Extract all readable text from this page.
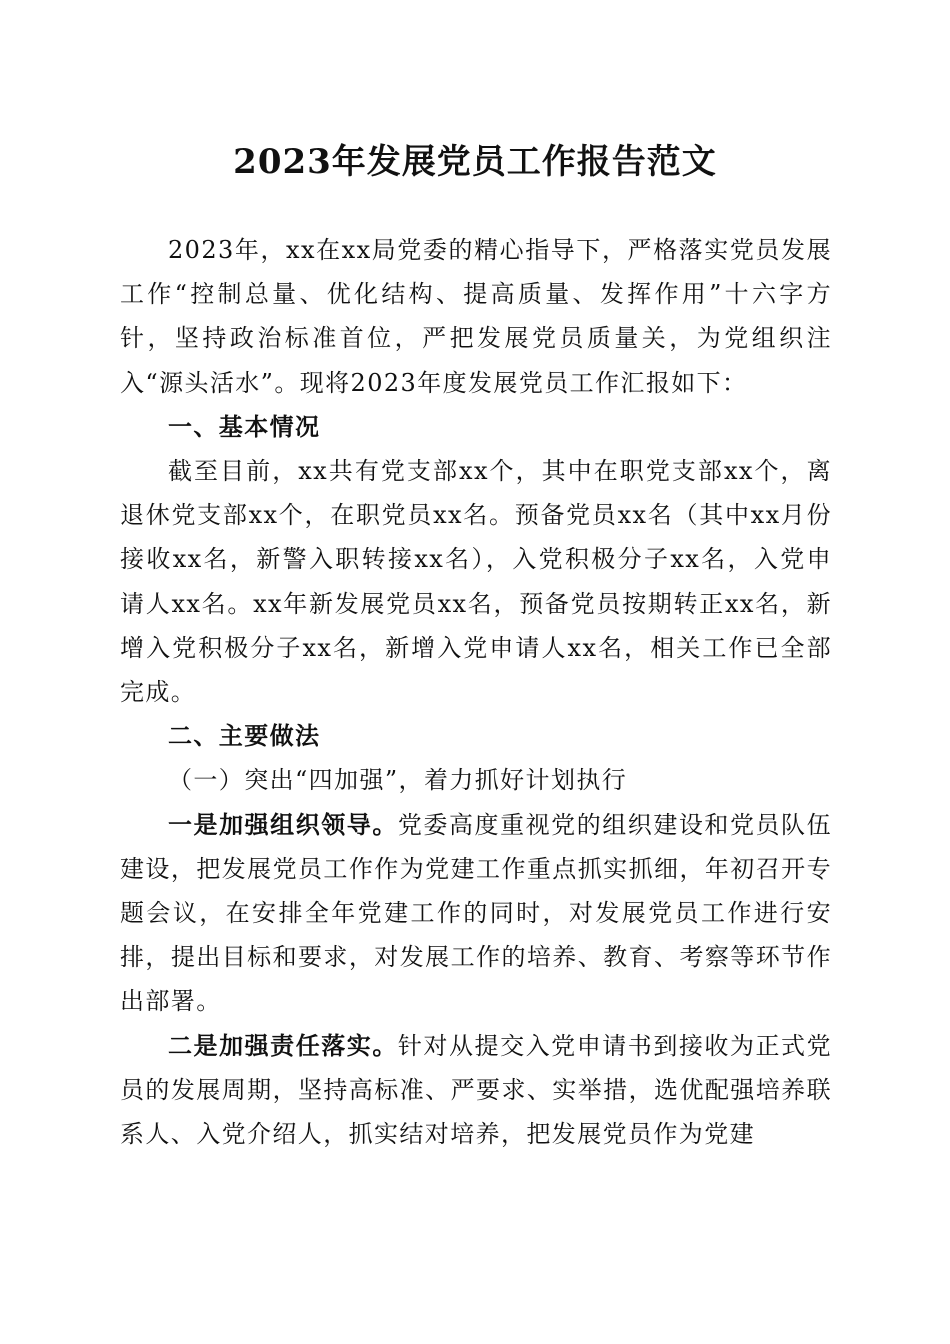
2023年发展党员工作报告范文

2023年，xx在xx局党委的精心指导下，严格落实党员发展工作“控制总量、优化结构、提高质量、发挥作用”十六字方针，坚持政治标准首位，严把发展党员质量关，为党组织注入“源头活水”。现将2023年度发展党员工作汇报如下：

一、基本情况

截至目前，xx共有党支部xx个，其中在职党支部xx个，离退休党支部xx个，在职党员xx名。预备党员xx名（其中xx月份接收xx名，新警入职转接xx名），入党积极分子xx名，入党申请人xx名。xx年新发展党员xx名，预备党员按期转正xx名，新增入党积极分子xx名，新增入党申请人xx名，相关工作已全部完成。

二、主要做法

（一）突出“四加强”，着力抓好计划执行

一是加强组织领导。党委高度重视党的组织建设和党员队伍建设，把发展党员工作作为党建工作重点抓实抓细，年初召开专题会议，在安排全年党建工作的同时，对发展党员工作进行安排，提出目标和要求，对发展工作的培养、教育、考察等环节作出部署。

二是加强责任落实。针对从提交入党申请书到接收为正式党员的发展周期，坚持高标准、严要求、实举措，选优配强培养联系人、入党介绍人，抓实结对培养，把发展党员作为党建
